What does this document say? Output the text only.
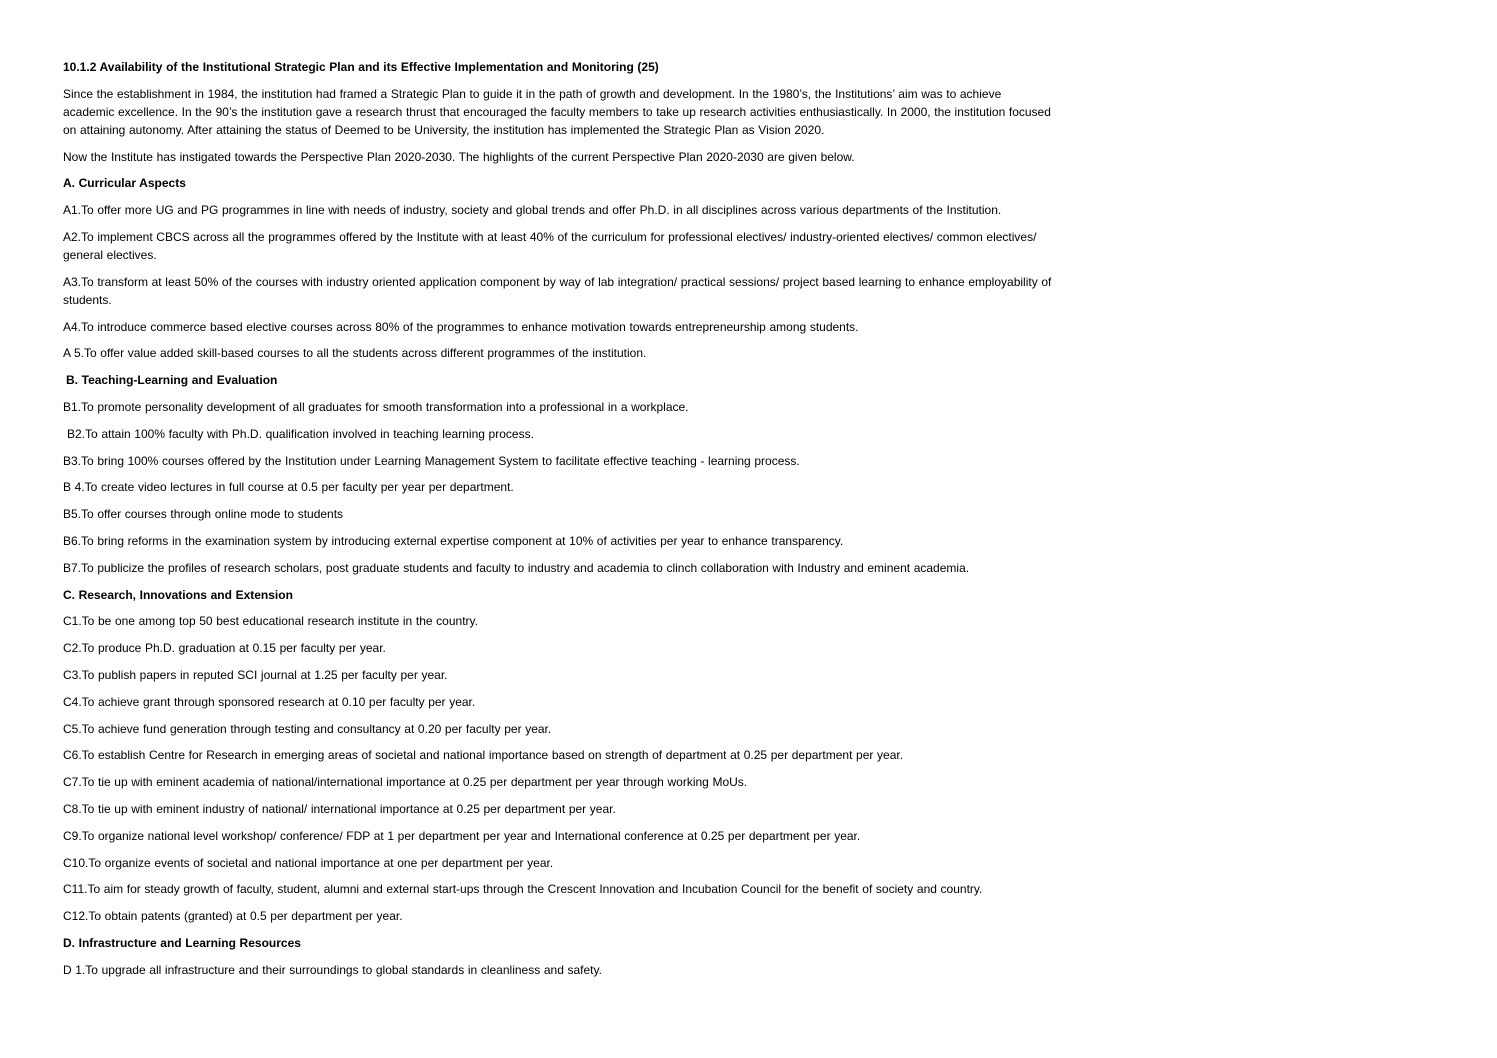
10.1.2 Availability of the Institutional Strategic Plan and its Effective Implementation and Monitoring (25)

Since the establishment in 1984, the institution had framed a Strategic Plan to guide it in the path of growth and development. In the 1980’s, the Institutions’ aim was to achieve academic excellence. In the 90’s the institution gave a research thrust that encouraged the faculty members to take up research activities enthusiastically. In 2000, the institution focused on attaining autonomy. After attaining the status of Deemed to be University, the institution has implemented the Strategic Plan as Vision 2020.

Now the Institute has instigated towards the Perspective Plan 2020-2030. The highlights of the current Perspective Plan 2020-2030 are given below.

A. Curricular Aspects

A1.To offer more UG and PG programmes in line with needs of industry, society and global trends and offer Ph.D. in all disciplines across various departments of the Institution.

A2.To implement CBCS across all the programmes offered by the Institute with at least 40% of the curriculum for professional electives/ industry-oriented electives/ common electives/ general electives.

A3.To transform at least 50% of the courses with industry oriented application component by way of lab integration/ practical sessions/ project based learning to enhance employability of students.

A4.To introduce commerce based elective courses across 80% of the programmes to enhance motivation towards entrepreneurship among students.

A 5.To offer value added skill-based courses to all the students across different programmes of the institution.

B. Teaching-Learning and Evaluation

B1.To promote personality development of all graduates for smooth transformation into a professional in a workplace.

B2.To attain 100% faculty with Ph.D. qualification involved in teaching learning process.

B3.To bring 100% courses offered by the Institution under Learning Management System to facilitate effective teaching - learning process.

B 4.To create video lectures in full course at 0.5 per faculty per year per department.

B5.To offer courses through online mode to students

B6.To bring reforms in the examination system by introducing external expertise component at 10% of activities per year to enhance transparency.

B7.To publicize the profiles of research scholars, post graduate students and faculty to industry and academia to clinch collaboration with Industry and eminent academia.

C. Research, Innovations and Extension

C1.To be one among top 50 best educational research institute in the country.

C2.To produce Ph.D. graduation at 0.15 per faculty per year.

C3.To publish papers in reputed SCI journal at 1.25 per faculty per year.

C4.To achieve grant through sponsored research at 0.10 per faculty per year.

C5.To achieve fund generation through testing and consultancy at 0.20 per faculty per year.

C6.To establish Centre for Research in emerging areas of societal and national importance based on strength of department at 0.25 per department per year.

C7.To tie up with eminent academia of national/international importance at 0.25 per department per year through working MoUs.

C8.To tie up with eminent industry of national/ international importance at 0.25 per department per year.

C9.To organize national level workshop/ conference/ FDP at 1 per department per year and International conference at 0.25 per department per year.

C10.To organize events of societal and national importance at one per department per year.

C11.To aim for steady growth of faculty, student, alumni and external start-ups through the Crescent Innovation and Incubation Council for the benefit of society and country.

C12.To obtain patents (granted) at 0.5 per department per year.

D. Infrastructure and Learning Resources

D 1.To upgrade all infrastructure and their surroundings to global standards in cleanliness and safety.
